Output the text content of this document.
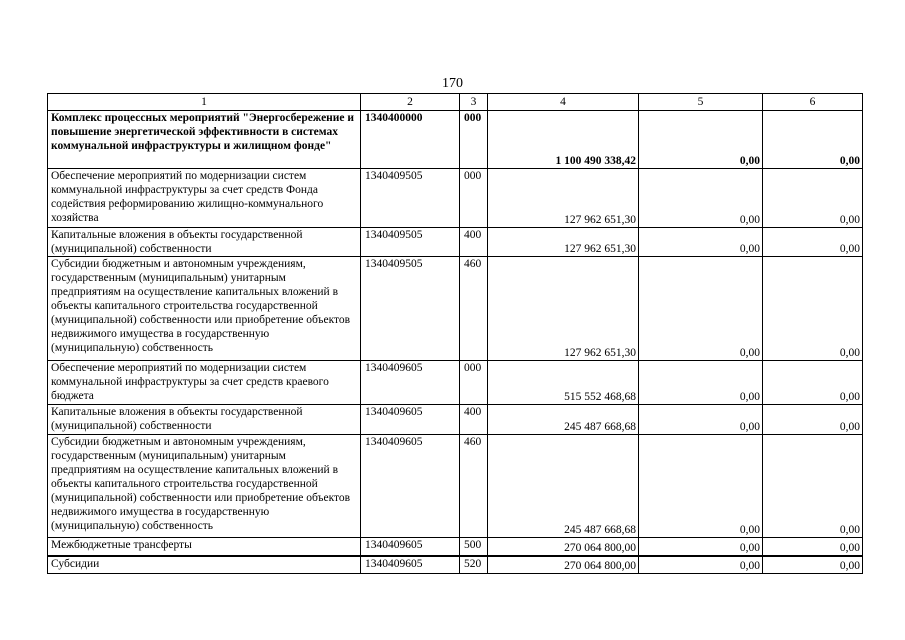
170
1	2	3	4	5	6
Комплекс процессных мероприятий "Энергосбережение и повышение энергетической эффективности в системах коммунальной инфраструктуры и жилищном фонде"	1340400000	000	1 100 490 338,42	0,00	0,00
Обеспечение мероприятий по модернизации систем коммунальной инфраструктуры за счет средств Фонда содействия реформированию жилищно-коммунального хозяйства	1340409505	000	127 962 651,30	0,00	0,00
Капитальные вложения в объекты государственной (муниципальной) собственности	1340409505	400	127 962 651,30	0,00	0,00
Субсидии бюджетным и автономным учреждениям, государственным (муниципальным) унитарным предприятиям на осуществление капитальных вложений в объекты капитального строительства государственной (муниципальной) собственности или приобретение объектов недвижимого имущества в государственную (муниципальную) собственность	1340409505	460	127 962 651,30	0,00	0,00
Обеспечение мероприятий по модернизации систем коммунальной инфраструктуры за счет средств краевого бюджета	1340409605	000	515 552 468,68	0,00	0,00
Капитальные вложения в объекты государственной (муниципальной) собственности	1340409605	400	245 487 668,68	0,00	0,00
Субсидии бюджетным и автономным учреждениям, государственным (муниципальным) унитарным предприятиям на осуществление капитальных вложений в объекты капитального строительства государственной (муниципальной) собственности или приобретение объектов недвижимого имущества в государственную (муниципальную) собственность	1340409605	460	245 487 668,68	0,00	0,00
Межбюджетные трансферты	1340409605	500	270 064 800,00	0,00	0,00
Субсидии	1340409605	520	270 064 800,00	0,00	0,00
